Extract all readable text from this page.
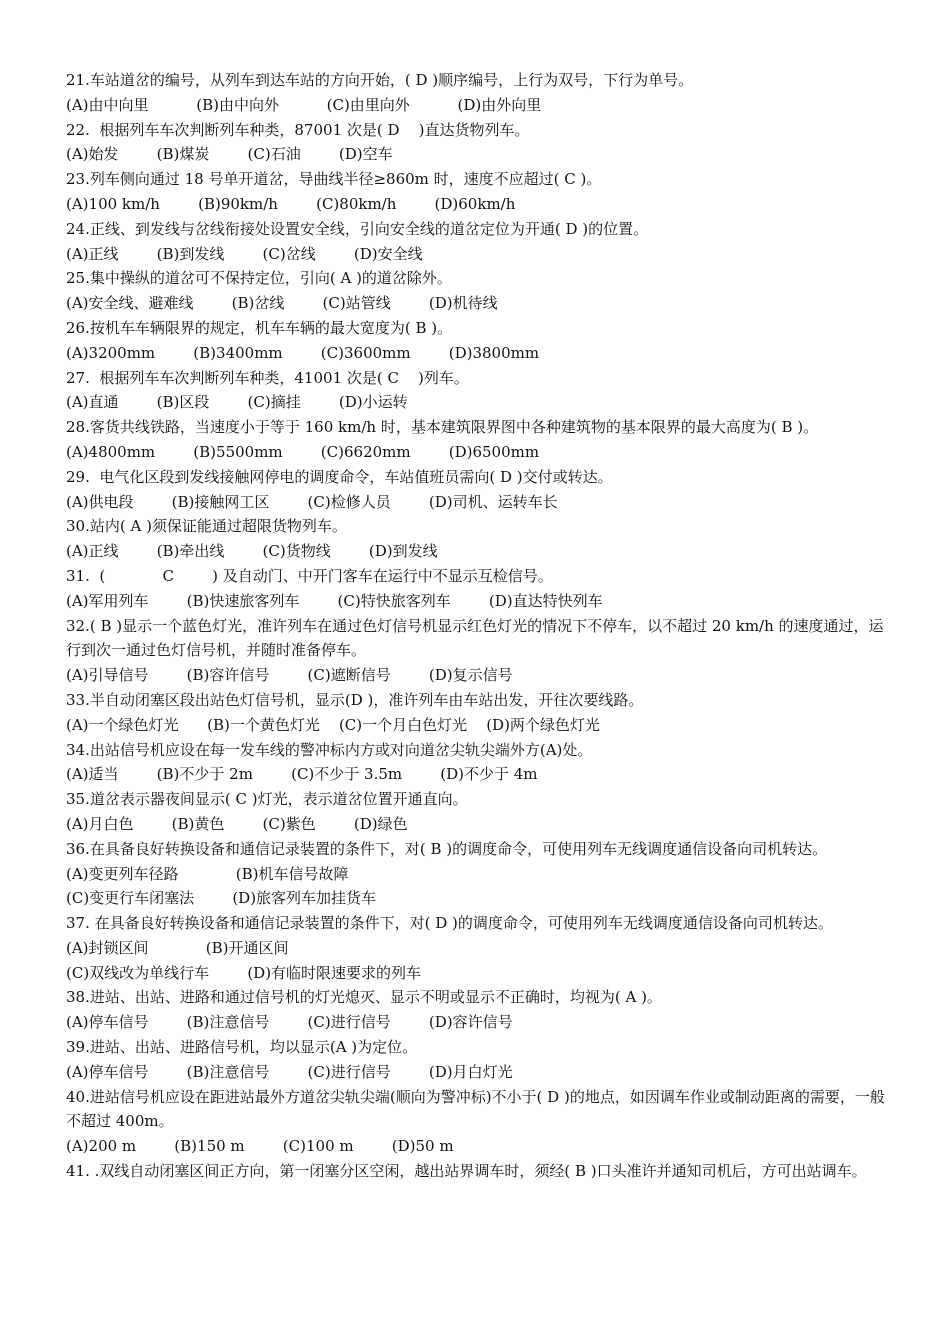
21.车站道岔的编号，从列车到达车站的方向开始，( D )顺序编号，上行为双号，下行为单号。
(A)由中向里          (B)由中向外          (C)由里向外          (D)由外向里
22.  根据列车车次判断列车种类，87001 次是( D    )直达货物列车。
(A)始发        (B)煤炭        (C)石油        (D)空车
23.列车侧向通过 18 号单开道岔，导曲线半径≥860m 时，速度不应超过( C )。
(A)100 km/h        (B)90km/h        (C)80km/h        (D)60km/h
24.正线、到发线与岔线衔接处设置安全线，引向安全线的道岔定位为开通( D )的位置。
(A)正线        (B)到发线        (C)岔线        (D)安全线
25.集中操纵的道岔可不保持定位，引向( A )的道岔除外。
(A)安全线、避难线        (B)岔线        (C)站管线        (D)机待线
26.按机车车辆限界的规定，机车车辆的最大宽度为( B )。
(A)3200mm        (B)3400mm        (C)3600mm        (D)3800mm
27.  根据列车车次判断列车种类，41001 次是( C    )列车。
(A)直通        (B)区段        (C)摘挂        (D)小运转
28.客货共线铁路，当速度小于等于 160 km/h 时，基本建筑限界图中各种建筑物的基本限界的最大高度为( B )。
(A)4800mm        (B)5500mm        (C)6620mm        (D)6500mm
29.  电气化区段到发线接触网停电的调度命令，车站值班员需向( D )交付或转达。
(A)供电段        (B)接触网工区        (C)检修人员        (D)司机、运转车长
30.站内( A )须保证能通过超限货物列车。
(A)正线        (B)牵出线        (C)货物线        (D)到发线
31.  (            C        ) 及自动门、中开门客车在运行中不显示互检信号。
(A)军用列车        (B)快速旅客列车        (C)特快旅客列车        (D)直达特快列车
32.( B )显示一个蓝色灯光，准许列车在通过色灯信号机显示红色灯光的情况下不停车，以不超过 20 km/h 的速度通过，运行到次一通过色灯信号机，并随时准备停车。
(A)引导信号        (B)容许信号        (C)遮断信号        (D)复示信号
33.半自动闭塞区段出站色灯信号机，显示(D )，准许列车由车站出发，开往次要线路。
(A)一个绿色灯光      (B)一个黄色灯光    (C)一个月白色灯光    (D)两个绿色灯光
34.出站信号机应设在每一发车线的警冲标内方或对向道岔尖轨尖端外方(A)处。
(A)适当        (B)不少于 2m        (C)不少于 3.5m        (D)不少于 4m
35.道岔表示器夜间显示( C )灯光，表示道岔位置开通直向。
(A)月白色        (B)黄色        (C)紫色        (D)绿色
36.在具备良好转换设备和通信记录装置的条件下，对( B )的调度命令，可使用列车无线调度通信设备向司机转达。
(A)变更列车径路            (B)机车信号故障
(C)变更行车闭塞法        (D)旅客列车加挂货车
37. 在具备良好转换设备和通信记录装置的条件下，对( D )的调度命令，可使用列车无线调度通信设备向司机转达。
(A)封锁区间            (B)开通区间
(C)双线改为单线行车        (D)有临时限速要求的列车
38.进站、出站、进路和通过信号机的灯光熄灭、显示不明或显示不正确时，均视为( A )。
(A)停车信号        (B)注意信号        (C)进行信号        (D)容许信号
39.进站、出站、进路信号机，均以显示(A )为定位。
(A)停车信号        (B)注意信号        (C)进行信号        (D)月白灯光
40.进站信号机应设在距进站最外方道岔尖轨尖端(顺向为警冲标)不小于( D )的地点，如因调车作业或制动距离的需要，一般不超过 400m。
(A)200 m        (B)150 m        (C)100 m        (D)50 m
41. .双线自动闭塞区间正方向，第一闭塞分区空闲，越出站界调车时，须经( B )口头准许并通知司机后，方可出站调车。
